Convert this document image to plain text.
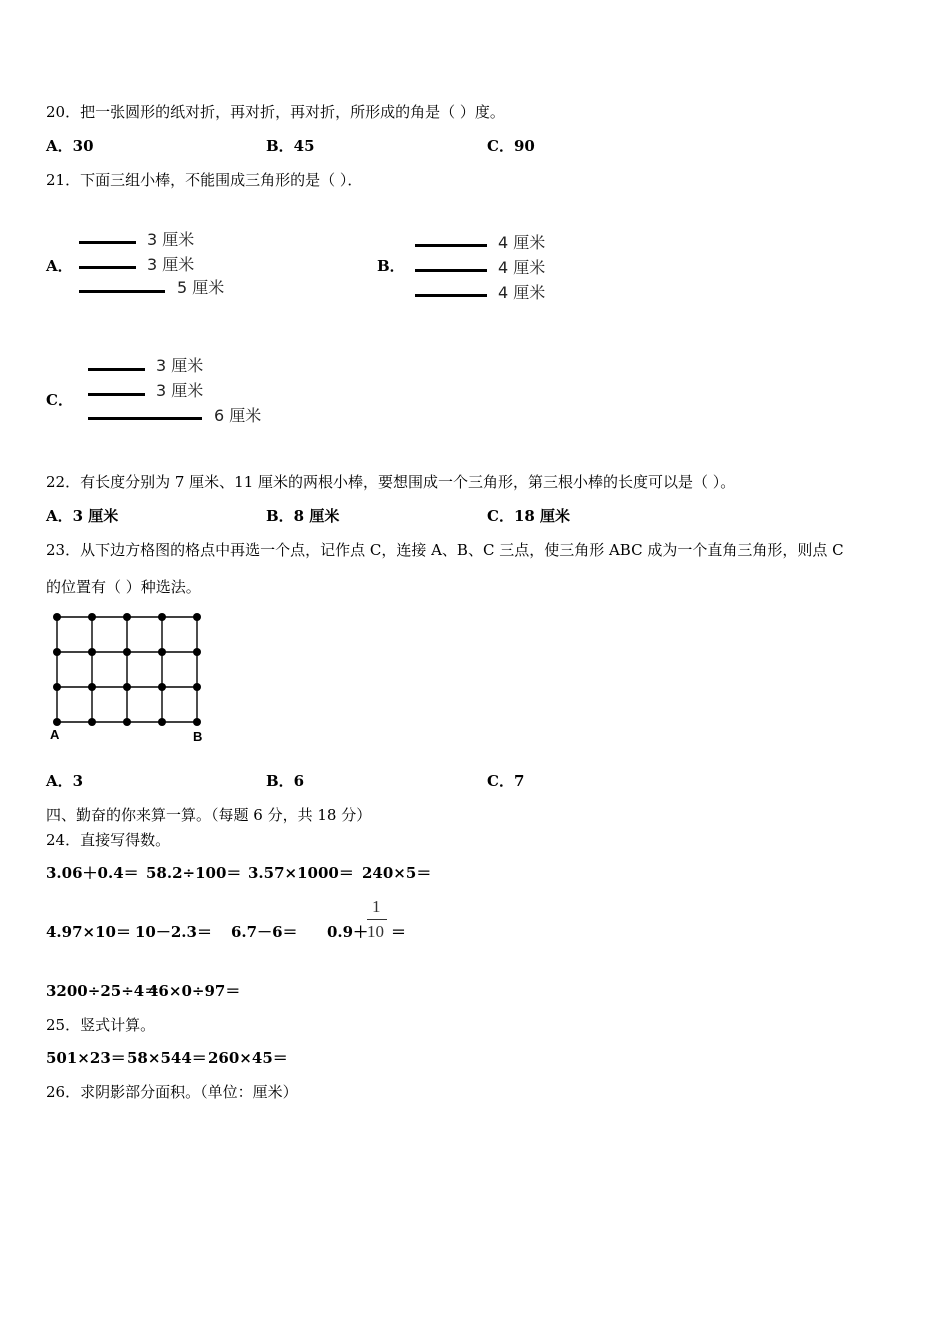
20．把一张圆形的纸对折，再对折，再对折，所形成的角是（ ）度。
A．30	B．45	C．90
21．下面三组小棒，不能围成三角形的是（ ）．
A．
3 厘米
3 厘米
5 厘米
B．
4 厘米
4 厘米
4 厘米
C．
3 厘米
3 厘米
6 厘米
22．有长度分别为 7 厘米、11 厘米的两根小棒，要想围成一个三角形，第三根小棒的长度可以是（ ）。
A．3 厘米	B．8 厘米	C．18 厘米
23．从下边方格图的格点中再选一个点，记作点 C，连接 A、B、C 三点，使三角形 ABC 成为一个直角三角形，则点 C
的位置有（ ）种选法。
A	B
A．3	B．6	C．7
四、勤奋的你来算一算。（每题 6 分，共 18 分）
24．直接写得数。
3.06＋0.4＝ 58.2÷100＝ 3.57×1000＝ 240×5＝
4.97×10＝ 10－2.3＝ 6.7－6＝ 0.9＋
1
10 ＝
3200÷25÷4＝
46×0÷97＝
25．竖式计算。
501×23＝ 58×544＝ 260×45＝
26．求阴影部分面积。（单位：厘米）
